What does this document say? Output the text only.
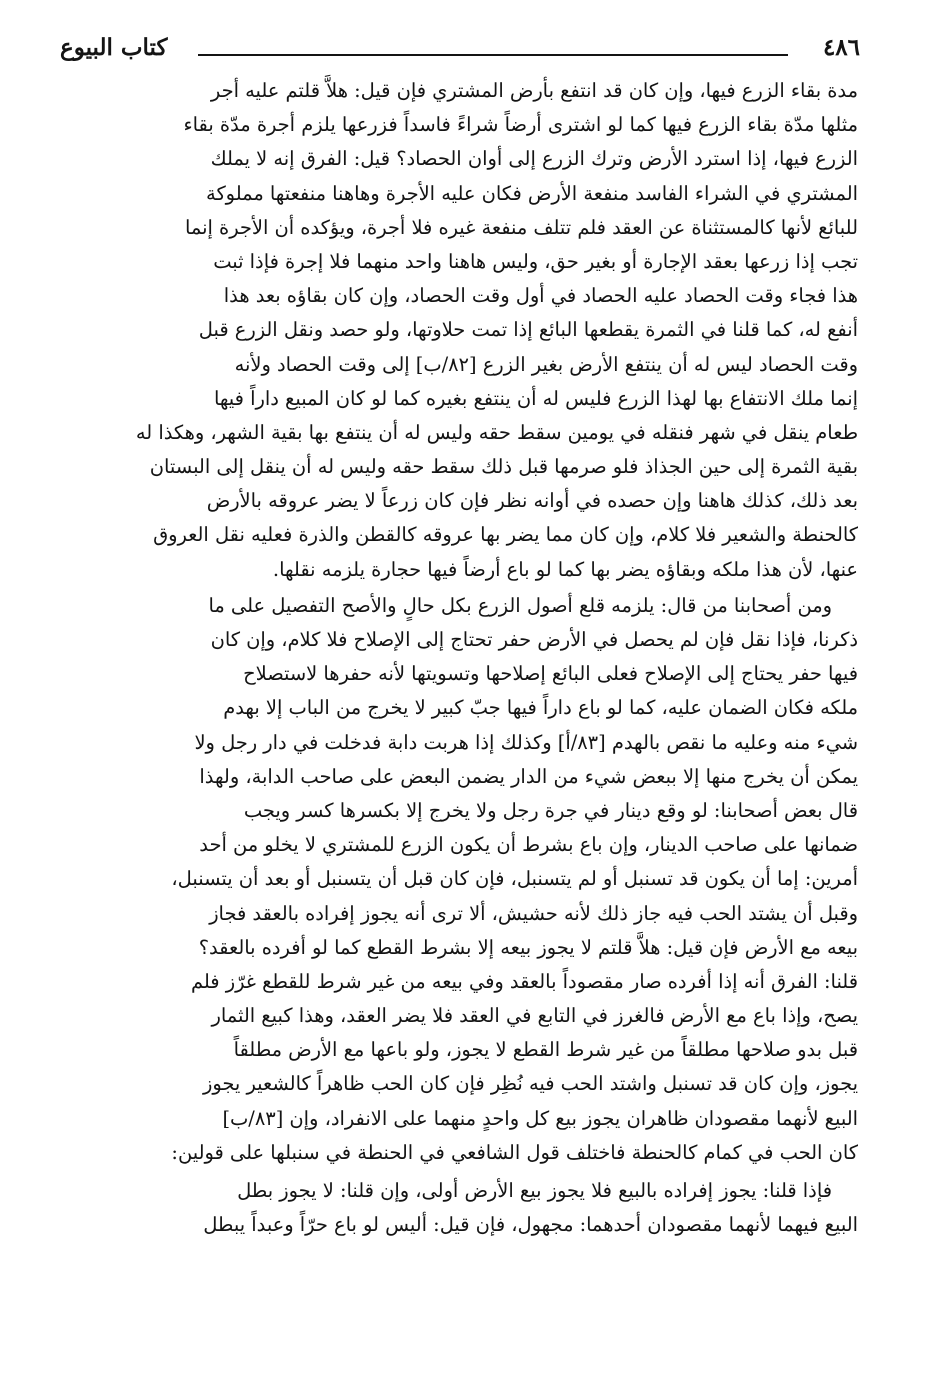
كتاب البيوع	٤٨٦
مدة بقاء الزرع فيها، وإن كان قد انتفع بأرض المشتري فإن قيل: هلاَّ قلتم عليه أجر
مثلها مدّة بقاء الزرع فيها كما لو اشترى أرضاً شراءً فاسداً فزرعها يلزم أجرة مدّة بقاء
الزرع فيها، إذا استرد الأرض وترك الزرع إلى أوان الحصاد؟ قيل: الفرق إنه لا يملك
المشتري في الشراء الفاسد منفعة الأرض فكان عليه الأجرة وهاهنا منفعتها مملوكة
للبائع لأنها كالمستثناة عن العقد فلم تتلف منفعة غيره فلا أجرة، ويؤكده أن الأجرة إنما
تجب إذا زرعها بعقد الإجارة أو بغير حق، وليس هاهنا واحد منهما فلا إجرة فإذا ثبت
هذا فجاء وقت الحصاد عليه الحصاد في أول وقت الحصاد، وإن كان بقاؤه بعد هذا
أنفع له، كما قلنا في الثمرة يقطعها البائع إذا تمت حلاوتها، ولو حصد ونقل الزرع قبل
وقت الحصاد ليس له أن ينتفع الأرض بغير الزرع [٨٢/ب] إلى وقت الحصاد ولأنه
إنما ملك الانتفاع بها لهذا الزرع فليس له أن ينتفع بغيره كما لو كان المبيع داراً فيها
طعام ينقل في شهر فنقله في يومين سقط حقه وليس له أن ينتفع بها بقية الشهر، وهكذا له
بقية الثمرة إلى حين الجذاذ فلو صرمها قبل ذلك سقط حقه وليس له أن ينقل إلى البستان
بعد ذلك، كذلك هاهنا وإن حصده في أوانه نظر فإن كان زرعاً لا يضر عروقه بالأرض
كالحنطة والشعير فلا كلام، وإن كان مما يضر بها عروقه كالقطن والذرة فعليه نقل العروق
عنها، لأن هذا ملكه وبقاؤه يضر بها كما لو باع أرضاً فيها حجارة يلزمه نقلها.
ومن أصحابنا من قال: يلزمه قلع أصول الزرع بكل حالٍ والأصح التفصيل على ما
ذكرنا، فإذا نقل فإن لم يحصل في الأرض حفر تحتاج إلى الإصلاح فلا كلام، وإن كان
فيها حفر يحتاج إلى الإصلاح فعلى البائع إصلاحها وتسويتها لأنه حفرها لاستصلاح
ملكه فكان الضمان عليه، كما لو باع داراً فيها جبّ كبير لا يخرج من الباب إلا بهدم
شيء منه وعليه ما نقص بالهدم [٨٣/أ] وكذلك إذا هربت دابة فدخلت في دار رجل ولا
يمكن أن يخرج منها إلا ببعض شيء من الدار يضمن البعض على صاحب الدابة، ولهذا
قال بعض أصحابنا: لو وقع دينار في جرة رجل ولا يخرج إلا بكسرها كسر ويجب
ضمانها على صاحب الدينار، وإن باع بشرط أن يكون الزرع للمشتري لا يخلو من أحد
أمرين: إما أن يكون قد تسنبل أو لم يتسنبل، فإن كان قبل أن يتسنبل أو بعد أن يتسنبل،
وقبل أن يشتد الحب فيه جاز ذلك لأنه حشيش، ألا ترى أنه يجوز إفراده بالعقد فجاز
بيعه مع الأرض فإن قيل: هلاَّ قلتم لا يجوز بيعه إلا بشرط القطع كما لو أفرده بالعقد؟
قلنا: الفرق أنه إذا أفرده صار مقصوداً بالعقد وفي بيعه من غير شرط للقطع غرّز فلم
يصح، وإذا باع مع الأرض فالغرز في التابع في العقد فلا يضر العقد، وهذا كبيع الثمار
قبل بدو صلاحها مطلقاً من غير شرط القطع لا يجوز، ولو باعها مع الأرض مطلقاً
يجوز، وإن كان قد تسنبل واشتد الحب فيه نُظِر فإن كان الحب ظاهراً كالشعير يجوز
البيع لأنهما مقصودان ظاهران يجوز بيع كل واحدٍ منهما على الانفراد، وإن [٨٣/ب]
كان الحب في كمام كالحنطة فاختلف قول الشافعي في الحنطة في سنبلها على قولين:
فإذا قلنا: يجوز إفراده بالبيع فلا يجوز بيع الأرض أولى، وإن قلنا: لا يجوز بطل
البيع فيهما لأنهما مقصودان أحدهما: مجهول، فإن قيل: أليس لو باع حرّاً وعبداً يبطل
